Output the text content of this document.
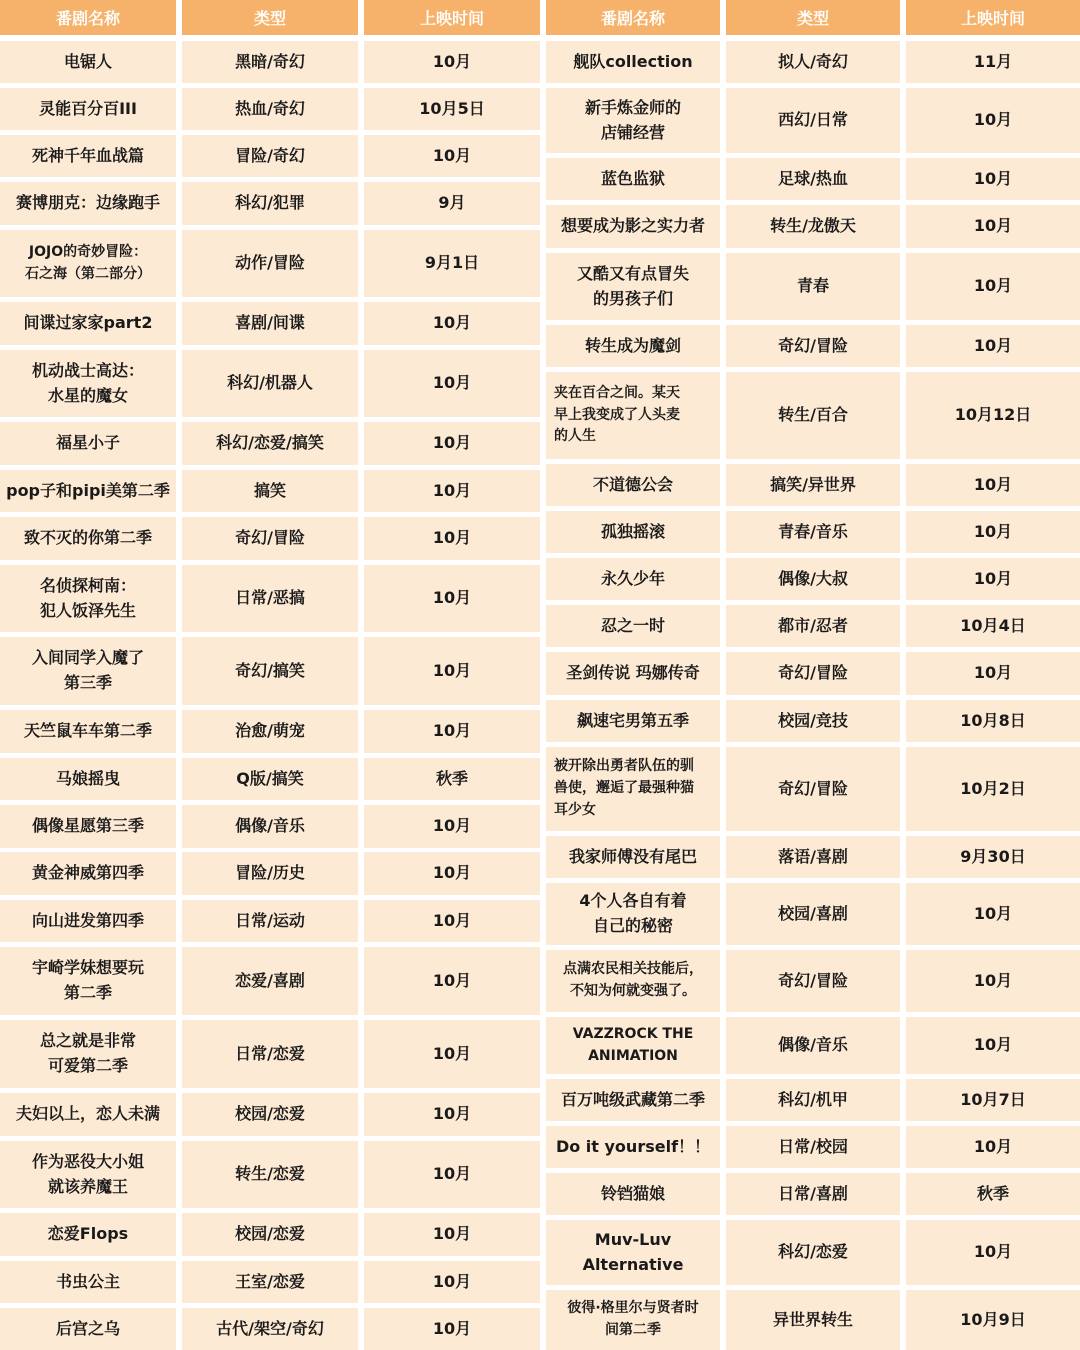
番剧名称	类型	上映时间
电锯人	黑暗/奇幻	10月
灵能百分百III	热血/奇幻	10月5日
死神千年血战篇	冒险/奇幻	10月
赛博朋克：边缘跑手	科幻/犯罪	9月
JOJO的奇妙冒险：
石之海（第二部分）
动作/冒险	9月1日
间谍过家家part2	喜剧/间谍	10月
机动战士高达：
水星的魔女
科幻/机器人	10月
福星小子	科幻/恋爱/搞笑	10月
pop子和pipi美第二季	搞笑	10月
致不灭的你第二季	奇幻/冒险	10月
名侦探柯南：
犯人饭泽先生
日常/恶搞	10月
入间同学入魔了
第三季
奇幻/搞笑	10月
天竺鼠车车第二季	治愈/萌宠	10月
马娘摇曳	Q版/搞笑	秋季
偶像星愿第三季	偶像/音乐	10月
黄金神威第四季	冒险/历史	10月
向山进发第四季	日常/运动	10月
宇崎学妹想要玩
第二季
恋爱/喜剧	10月
总之就是非常
可爱第二季
日常/恋爱	10月
夫妇以上，恋人未满	校园/恋爱	10月
作为恶役大小姐
就该养魔王
转生/恋爱	10月
恋爱Flops	校园/恋爱	10月
书虫公主	王室/恋爱	10月
后宫之乌	古代/架空/奇幻	10月
番剧名称	类型	上映时间
舰队collection	拟人/奇幻	11月
新手炼金师的
店铺经营
西幻/日常	10月
蓝色监狱	足球/热血	10月
想要成为影之实力者	转生/龙傲天	10月
又酷又有点冒失
的男孩子们
青春	10月
转生成为魔剑	奇幻/冒险	10月
夹在百合之间。某天
早上我变成了人头麦
的人生
转生/百合	10月12日
不道德公会	搞笑/异世界	10月
孤独摇滚	青春/音乐	10月
永久少年	偶像/大叔	10月
忍之一时	都市/忍者	10月4日
圣剑传说 玛娜传奇	奇幻/冒险	10月
飙速宅男第五季	校园/竞技	10月8日
被开除出勇者队伍的驯
兽使，邂逅了最强种猫
耳少女
奇幻/冒险	10月2日
我家师傅没有尾巴	落语/喜剧	9月30日
4个人各自有着
自己的秘密
校园/喜剧	10月
点满农民相关技能后，
不知为何就变强了。
奇幻/冒险	10月
VAZZROCK THE
ANIMATION
偶像/音乐	10月
百万吨级武藏第二季	科幻/机甲	10月7日
Do it yourself！！	日常/校园	10月
铃铛猫娘	日常/喜剧	秋季
Muv-Luv
Alternative
科幻/恋爱	10月
彼得·格里尔与贤者时
间第二季
异世界转生	10月9日
